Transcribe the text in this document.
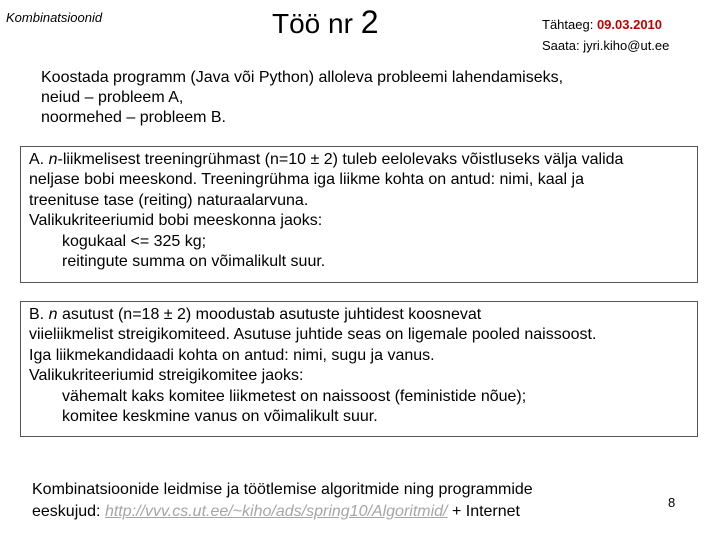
Kombinatsioonid	Töö nr 2	Tähtaeg: 09.03.2010
Saata: jyri.kiho@ut.ee
Koostada programm (Java või Python) alloleva probleemi lahendamiseks,
neiud – probleem A,
noormehed – probleem B.
A. n-liikmelisest treeningrühmast (n=10 ± 2) tuleb eelolevaks võistluseks välja valida
neljase bobi meeskond. Treeningrühma iga liikme kohta on antud: nimi, kaal ja
treenituse tase (reiting) naturaalarvuna.
Valikukriteeriumid bobi meeskonna jaoks:
kogukaal <= 325 kg;
reitingute summa on võimalikult suur.
B. n asutust (n=18 ± 2) moodustab asutuste juhtidest koosnevat
viieliikmelist streigikomiteed. Asutuse juhtide seas on ligemale pooled naissoost.
Iga liikmekandidaadi kohta on antud: nimi, sugu ja vanus.
Valikukriteeriumid streigikomitee jaoks:
vähemalt kaks komitee liikmetest on naissoost (feministide nõue);
komitee keskmine vanus on võimalikult suur.
Kombinatsioonide leidmise ja töötlemise algoritmide ning programmide
eeskujud: http://vvv.cs.ut.ee/~kiho/ads/spring10/Algoritmid/ + Internet
8
